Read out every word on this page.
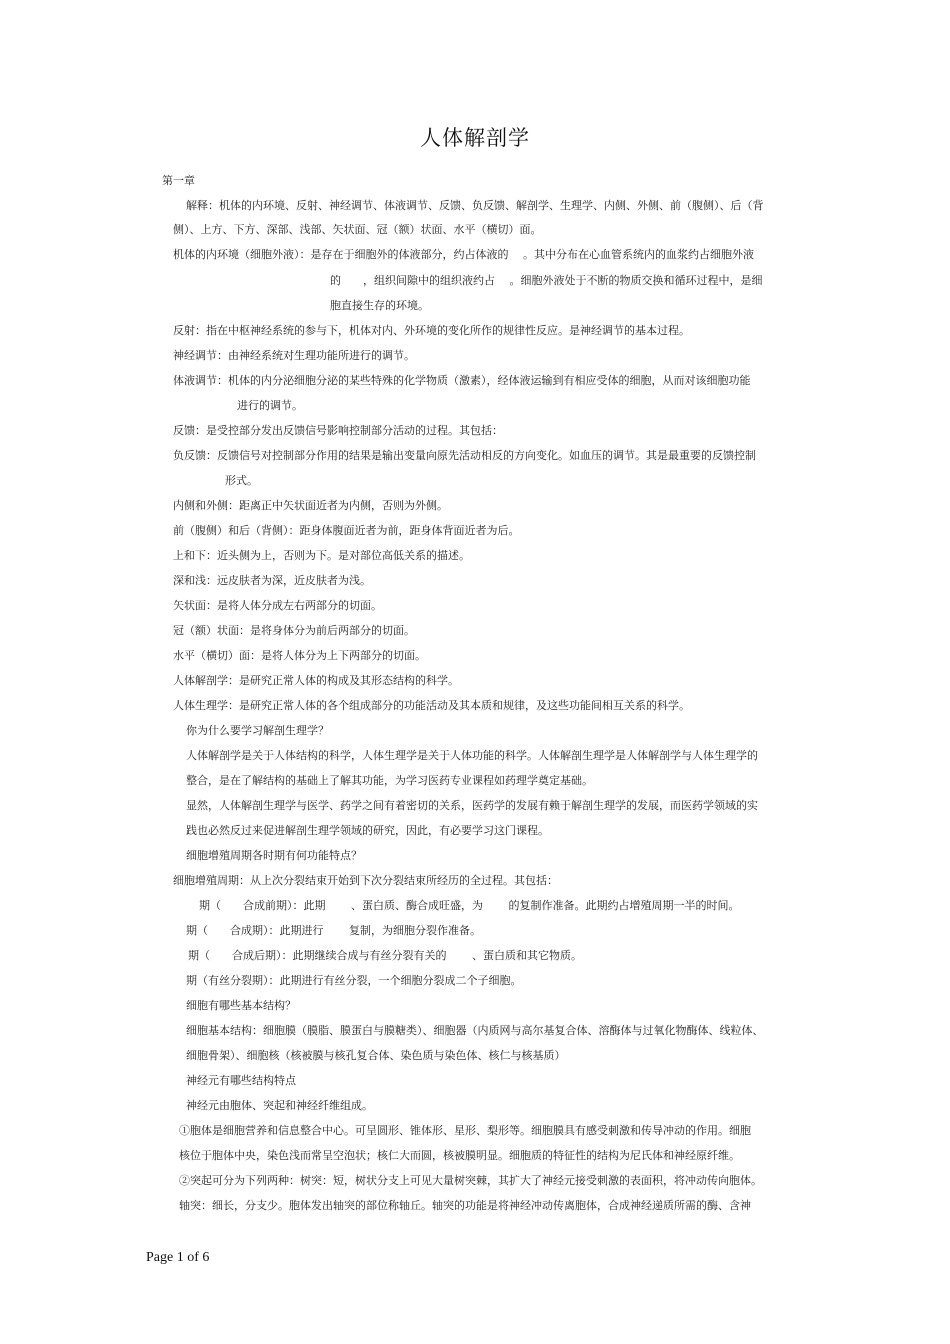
人体解剖学
第一章
解释：机体的内环境、反射、神经调节、体液调节、反馈、负反馈、解剖学、生理学、内侧、外侧、前（腹侧）、后（背
侧）、上方、下方、深部、浅部、矢状面、冠（额）状面、水平（横切）面。
机体的内环境（细胞外液）：是存在于细胞外的体液部分，约占体液的　 。其中分布在心血管系统内的血浆约占细胞外液
的　　，组织间隙中的组织液约占　 。细胞外液处于不断的物质交换和循环过程中，是细
胞直接生存的环境。
反射：指在中枢神经系统的参与下，机体对内、外环境的变化所作的规律性反应。是神经调节的基本过程。
神经调节：由神经系统对生理功能所进行的调节。
体液调节：机体的内分泌细胞分泌的某些特殊的化学物质（激素），经体液运输到有相应受体的细胞，从而对该细胞功能
进行的调节。
反馈：是受控部分发出反馈信号影响控制部分活动的过程。其包括：
负反馈：反馈信号对控制部分作用的结果是输出变量向原先活动相反的方向变化。如血压的调节。其是最重要的反馈控制
形式。
内侧和外侧：距离正中矢状面近者为内侧，否则为外侧。
前（腹侧）和后（背侧）：距身体腹面近者为前，距身体背面近者为后。
上和下：近头侧为上，否则为下。是对部位高低关系的描述。
深和浅：远皮肤者为深，近皮肤者为浅。
矢状面：是将人体分成左右两部分的切面。
冠（额）状面：是将身体分为前后两部分的切面。
水平（横切）面：是将人体分为上下两部分的切面。
人体解剖学：是研究正常人体的构成及其形态结构的科学。
人体生理学：是研究正常人体的各个组成部分的功能活动及其本质和规律，及这些功能间相互关系的科学。
你为什么要学习解剖生理学？
人体解剖学是关于人体结构的科学，人体生理学是关于人体功能的科学。人体解剖生理学是人体解剖学与人体生理学的
整合，是在了解结构的基础上了解其功能，为学习医药专业课程如药理学奠定基础。
显然，人体解剖生理学与医学、药学之间有着密切的关系，医药学的发展有赖于解剖生理学的发展，而医药学领域的实
践也必然反过来促进解剖生理学领域的研究，因此，有必要学习这门课程。
细胞增殖周期各时期有何功能特点？
细胞增殖周期：从上次分裂结束开始到下次分裂结束所经历的全过程。其包括：
期（　　合成前期）：此期　　 、蛋白质、酶合成旺盛，为　　 的复制作准备。此期约占增殖周期一半的时间。
期（　　合成期）：此期进行　　 复制，为细胞分裂作准备。
期（　　合成后期）：此期继续合成与有丝分裂有关的　　 、蛋白质和其它物质。
期（有丝分裂期）：此期进行有丝分裂，一个细胞分裂成二个子细胞。
细胞有哪些基本结构？
细胞基本结构：细胞膜（膜脂、膜蛋白与膜糖类）、细胞器（内质网与高尔基复合体、溶酶体与过氧化物酶体、线粒体、
细胞骨架）、细胞核（核被膜与核孔复合体、染色质与染色体、核仁与核基质）
神经元有哪些结构特点
神经元由胞体、突起和神经纤维组成。
①胞体是细胞营养和信息整合中心。可呈圆形、锥体形、星形、梨形等。细胞膜具有感受刺激和传导冲动的作用。细胞
核位于胞体中央，染色浅而常呈空泡状；核仁大而圆，核被膜明显。细胞质的特征性的结构为尼氏体和神经原纤维。
②突起可分为下列两种：树突：短，树状分支上可见大量树突棘，其扩大了神经元接受刺激的表面积，将冲动传向胞体。
轴突：细长，分支少。胞体发出轴突的部位称轴丘。轴突的功能是将神经冲动传离胞体，合成神经递质所需的酶、含神
Page 1 of 6
